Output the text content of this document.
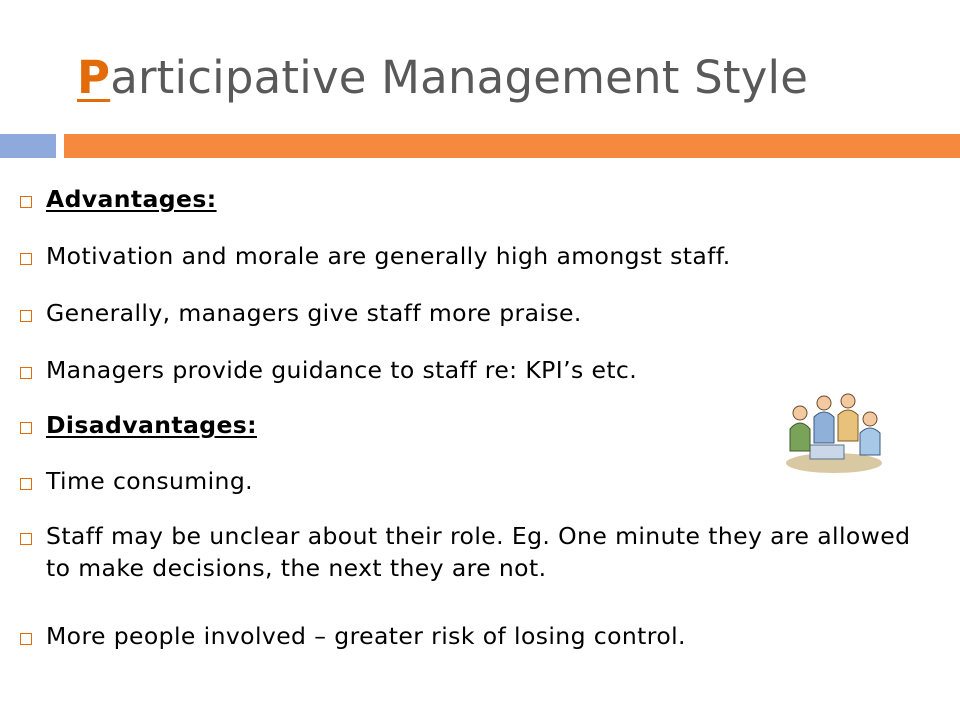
Participative Management Style
Advantages:
Motivation and morale are generally high amongst staff.
Generally, managers give staff more praise.
Managers provide guidance to staff re: KPI’s etc.
Disadvantages:
Time consuming.
Staff may be unclear about their role. Eg. One minute they are allowed to make decisions, the next they are not.
More people involved – greater risk of losing control.
